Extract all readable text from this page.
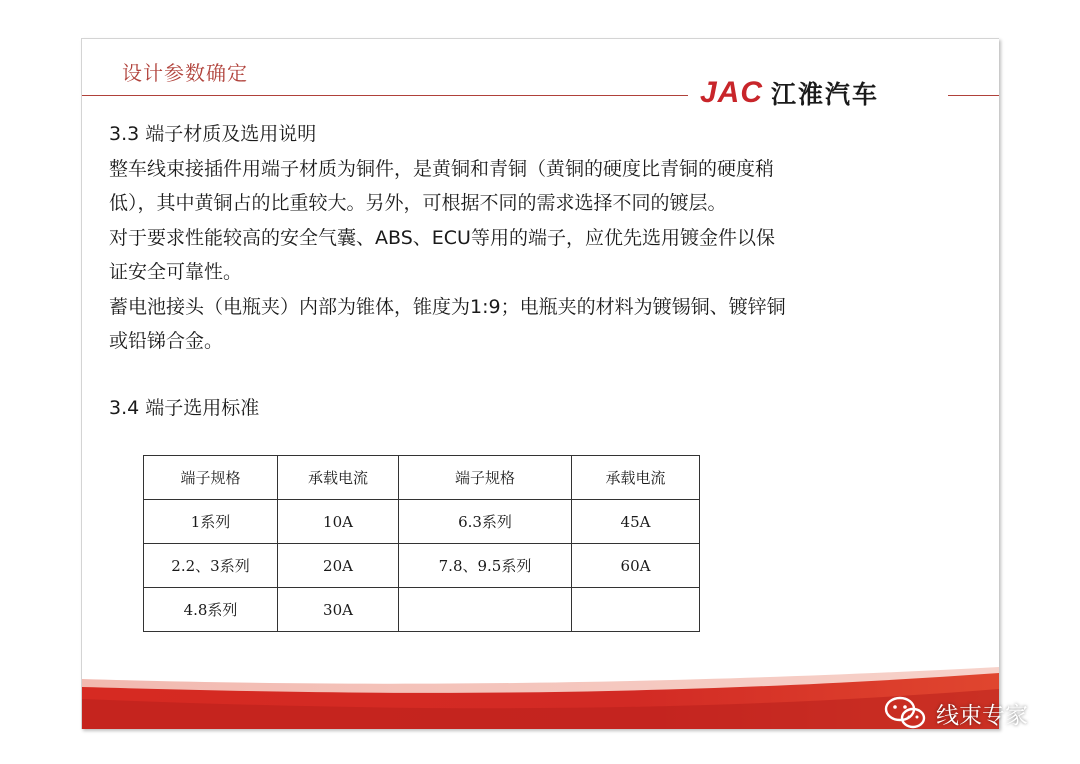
设计参数确定
JAC 江淮汽车

3.3 端子材质及选用说明

整车线束接插件用端子材质为铜件，是黄铜和青铜（黄铜的硬度比青铜的硬度稍

低），其中黄铜占的比重较大。另外，可根据不同的需求选择不同的镀层。

对于要求性能较高的安全气囊、ABS、ECU等用的端子，应优先选用镀金件以保

证安全可靠性。

蓄电池接头（电瓶夹）内部为锥体，锥度为1:9；电瓶夹的材料为镀锡铜、镀锌铜

或铅锑合金。

3.4 端子选用标准

端子规格	承载电流	端子规格	承载电流
1系列	10A	6.3系列	45A
2.2、3系列	20A	7.8、9.5系列	60A
4.8系列	30A		
线束专家
